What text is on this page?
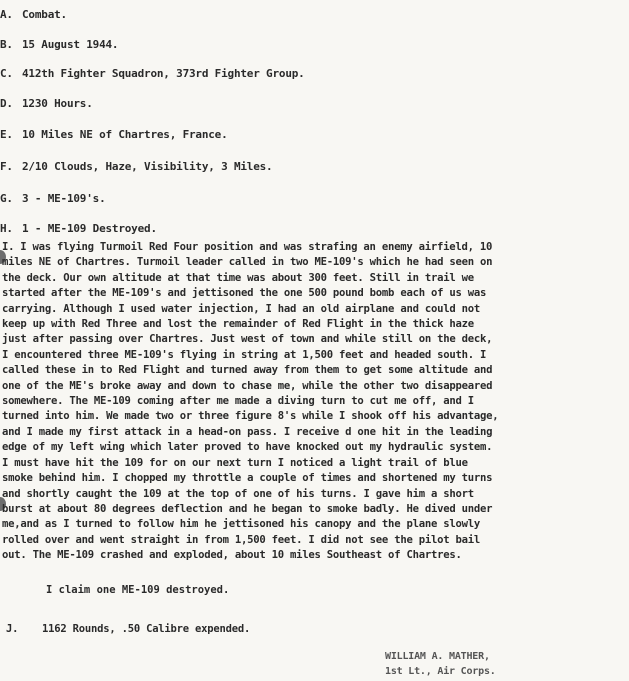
A. Combat.
B. 15 August 1944.
C. 412th Fighter Squadron, 373rd Fighter Group.
D. 1230 Hours.
E. 10 Miles NE of Chartres, France.
F. 2/10 Clouds, Haze, Visibility, 3 Miles.
G. 3 - ME-109's.
H. 1 - ME-109 Destroyed.
I. I was flying Turmoil Red Four position and was strafing an enemy airfield, 10
miles NE of Chartres. Turmoil leader called in two ME-109's which he had seen on
the deck. Our own altitude at that time was about 300 feet. Still in trail we
started after the ME-109's and jettisoned the one 500 pound bomb each of us was
carrying. Although I used water injection, I had an old airplane and could not
keep up with Red Three and lost the remainder of Red Flight in the thick haze
just after passing over Chartres. Just west of town and while still on the deck,
I encountered three ME-109's flying in string at 1,500 feet and headed south. I
called these in to Red Flight and turned away from them to get some altitude and
one of the ME's broke away and down to chase me, while the other two disappeared
somewhere. The ME-109 coming after me made a diving turn to cut me off, and I
turned into him. We made two or three figure 8's while I shook off his advantage,
and I made my first attack in a head-on pass. I receive d one hit in the leading
edge of my left wing which later proved to have knocked out my hydraulic system.
I must have hit the 109 for on our next turn I noticed a light trail of blue
smoke behind him. I chopped my throttle a couple of times and shortened my turns
and shortly caught the 109 at the top of one of his turns. I gave him a short
burst at about 80 degrees deflection and he began to smoke badly. He dived under
me,and as I turned to follow him he jettisoned his canopy and the plane slowly
rolled over and went straight in from 1,500 feet. I did not see the pilot bail
out. The ME-109 crashed and exploded, about 10 miles Southeast of Chartres.
I claim one ME-109 destroyed.
J. 1162 Rounds, .50 Calibre expended.
WILLIAM A. MATHER,
1st Lt., Air Corps.
